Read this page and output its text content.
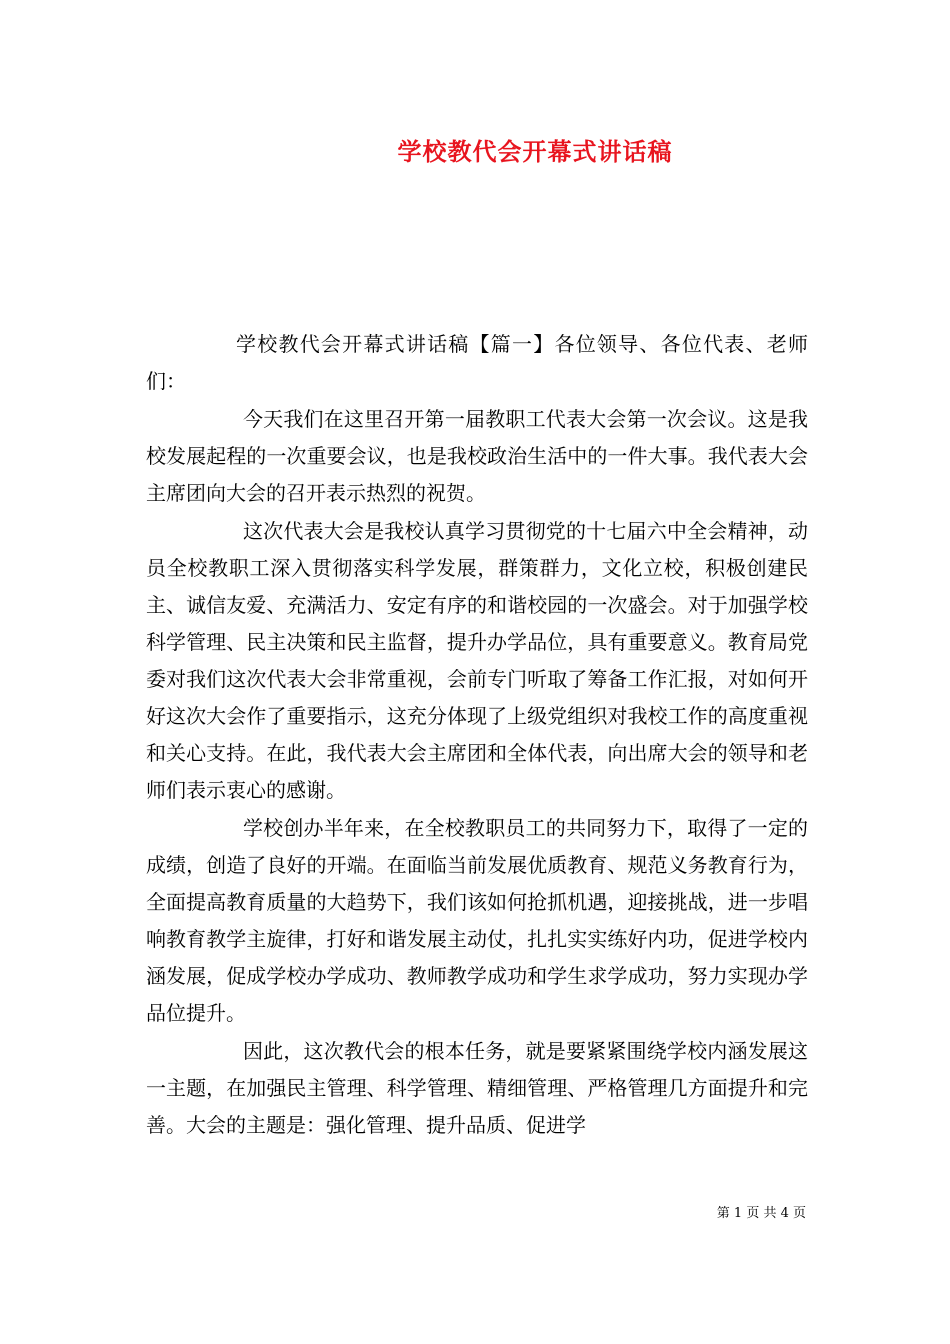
学校教代会开幕式讲话稿

学校教代会开幕式讲话稿【篇一】各位领导、各位代表、老师们：

今天我们在这里召开第一届教职工代表大会第一次会议。这是我校发展起程的一次重要会议，也是我校政治生活中的一件大事。我代表大会主席团向大会的召开表示热烈的祝贺。

这次代表大会是我校认真学习贯彻党的十七届六中全会精神，动员全校教职工深入贯彻落实科学发展，群策群力，文化立校，积极创建民主、诚信友爱、充满活力、安定有序的和谐校园的一次盛会。对于加强学校科学管理、民主决策和民主监督，提升办学品位，具有重要意义。教育局党委对我们这次代表大会非常重视，会前专门听取了筹备工作汇报，对如何开好这次大会作了重要指示，这充分体现了上级党组织对我校工作的高度重视和关心支持。在此，我代表大会主席团和全体代表，向出席大会的领导和老师们表示衷心的感谢。

学校创办半年来，在全校教职员工的共同努力下，取得了一定的成绩，创造了良好的开端。在面临当前发展优质教育、规范义务教育行为，全面提高教育质量的大趋势下，我们该如何抢抓机遇，迎接挑战，进一步唱响教育教学主旋律，打好和谐发展主动仗，扎扎实实练好内功，促进学校内涵发展，促成学校办学成功、教师教学成功和学生求学成功，努力实现办学品位提升。

因此，这次教代会的根本任务，就是要紧紧围绕学校内涵发展这一主题，在加强民主管理、科学管理、精细管理、严格管理几方面提升和完善。大会的主题是：强化管理、提升品质、促进学

第 1 页 共 4 页
